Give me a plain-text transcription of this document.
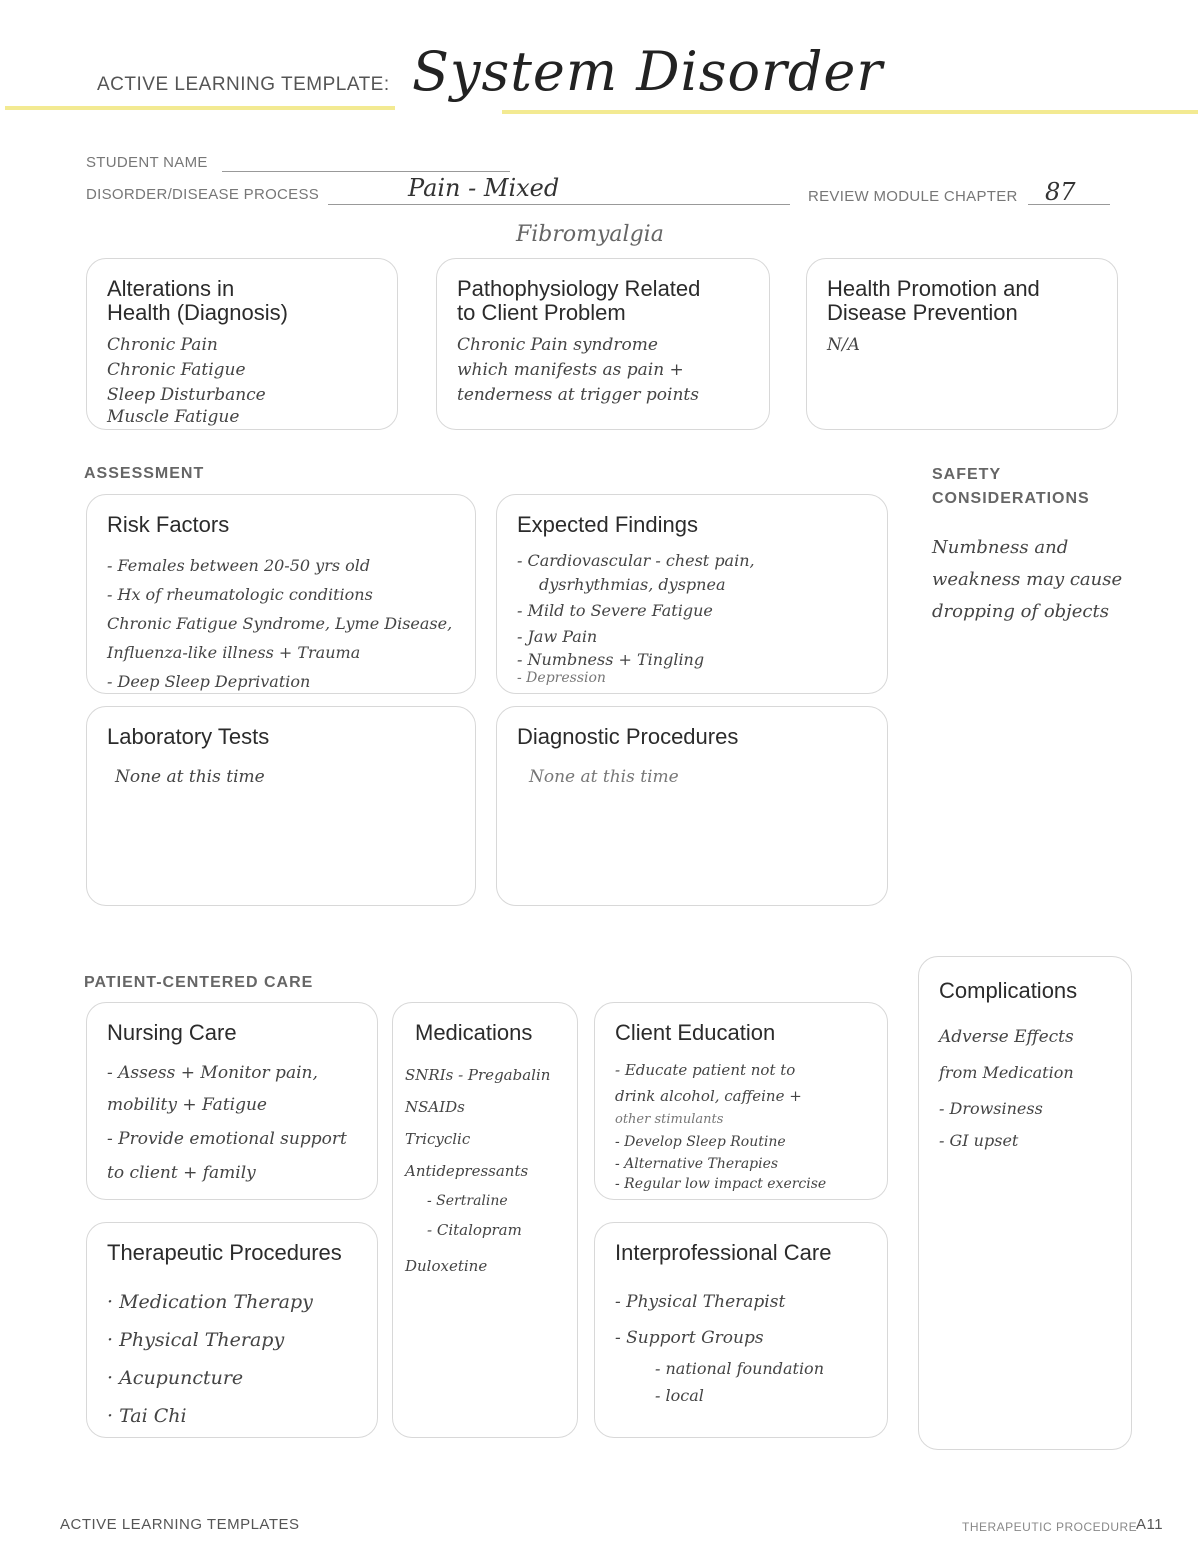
ACTIVE LEARNING TEMPLATE: System Disorder
STUDENT NAME
DISORDER/DISEASE PROCESS	Pain - Mixed
Fibromyalgia
REVIEW MODULE CHAPTER 87
Alterations in
Health (Diagnosis)
Chronic Pain
Chronic Fatigue
Sleep Disturbance
Muscle Fatigue
Pathophysiology Related
to Client Problem
Chronic Pain syndrome
which manifests as pain +
tenderness at trigger points
Health Promotion and
Disease Prevention
N/A
ASSESSMENT
Risk Factors
- Females between 20-50 yrs old
- Hx of rheumatologic conditions
Chronic Fatigue Syndrome, Lyme Disease,
Influenza-like illness + Trauma
- Deep Sleep Deprivation
Expected Findings
- Cardiovascular - chest pain,
dysrhythmias, dyspnea
- Mild to Severe Fatigue
- Jaw Pain
- Numbness + Tingling
- Depression
Laboratory Tests
None at this time
Diagnostic Procedures
None at this time
SAFETY
CONSIDERATIONS
Numbness and
weakness may cause
dropping of objects
PATIENT-CENTERED CARE
Nursing Care
- Assess + Monitor pain,
mobility + Fatigue
- Provide emotional support
to client + family
Medications
SNRIs - Pregabalin
NSAIDs
Tricyclic
Antidepressants
- Sertraline
- Citalopram
Duloxetine
Client Education
- Educate patient not to
drink alcohol, caffeine +
other stimulants
- Develop Sleep Routine
- Alternative Therapies
- Regular low impact exercise
Therapeutic Procedures
· Medication Therapy
· Physical Therapy
· Acupuncture
· Tai Chi
Interprofessional Care
- Physical Therapist
- Support Groups
- national foundation
- local
Complications
Adverse Effects
from Medication
- Drowsiness
- GI upset
ACTIVE LEARNING TEMPLATES	THERAPEUTIC PROCEDURE
A11
